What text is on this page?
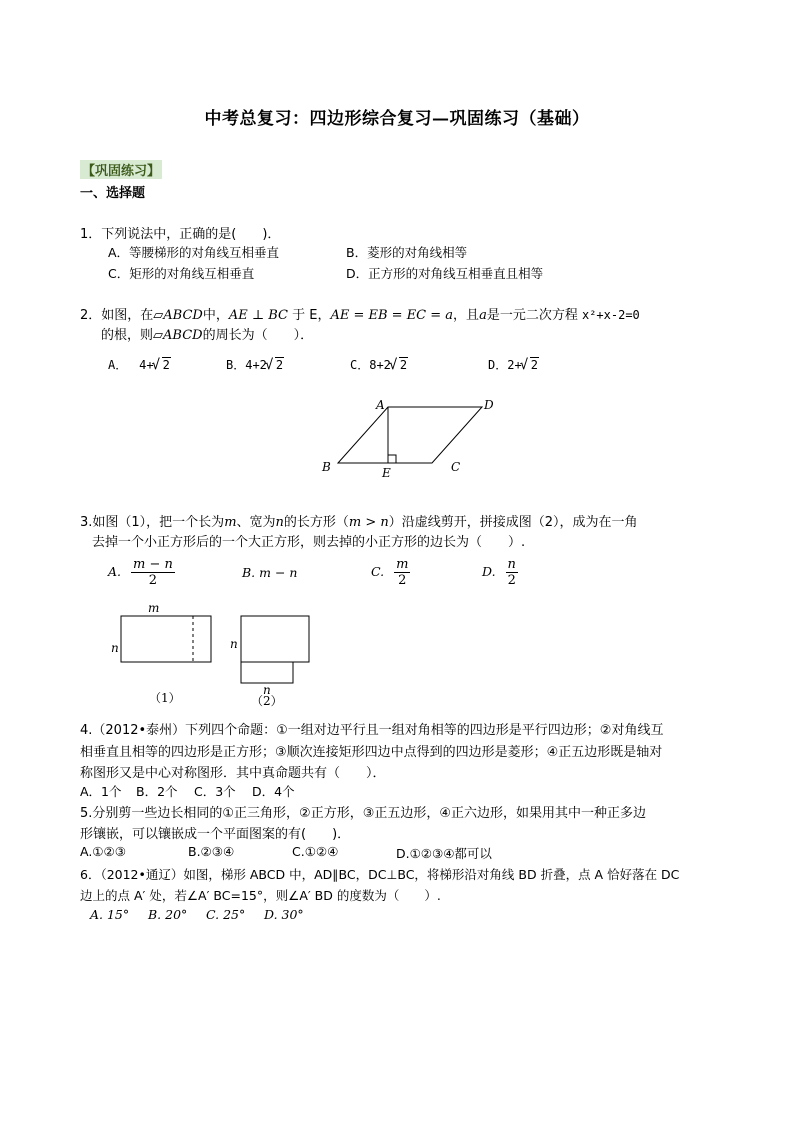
中考总复习：四边形综合复习—巩固练习（基础）
【巩固练习】
一、选择题
1．下列说法中，正确的是(　　)．
A．等腰梯形的对角线互相垂直	B．菱形的对角线相等
C．矩形的对角线互相垂直	D．正方形的对角线互相垂直且相等
2．如图，在▱ABCD中，AE ⊥ BC 于 E，AE = EB = EC = a，且a是一元二次方程 x²+x-2=0
的根，则▱ABCD的周长为（　　）．
A． 4+ √ 2	B．4+2 √ 2	C．8+2 √ 2	D．2+ √ 2
A	D
B	E	C
3.如图（1），把一个长为m、宽为n的长方形（m > n）沿虚线剪开，拼接成图（2），成为在一角
去掉一个小正方形后的一个大正方形，则去掉的小正方形的边长为（　　）.
A. $\frac{m - n}{2}$	B. m − n	C. $\frac{m}{2}$	D. $\frac{n}{2}$
m
n
（1）
n
n
（2）
4.（2012•泰州）下列四个命题：①一组对边平行且一组对角相等的四边形是平行四边形；②对角线互
相垂直且相等的四边形是正方形；③顺次连接矩形四边中点得到的四边形是菱形；④正五边形既是轴对
称图形又是中心对称图形．其中真命题共有（　　）．
A．1个 B．2个 C．3个 D．4个
5.分别剪一些边长相同的①正三角形，②正方形，③正五边形，④正六边形，如果用其中一种正多边
形镶嵌，可以镶嵌成一个平面图案的有(　　)．
A.①②③	B.②③④	C.①②④	D.①②③④都可以
6．（2012•通辽）如图，梯形 ABCD 中，AD∥BC，DC⊥BC，将梯形沿对角线 BD 折叠，点 A 恰好落在 DC
边上的点 A′ 处，若∠A′ BC=15°，则∠A′ BD 的度数为（　　）.
A. 15° B. 20° C. 25° D. 30°
